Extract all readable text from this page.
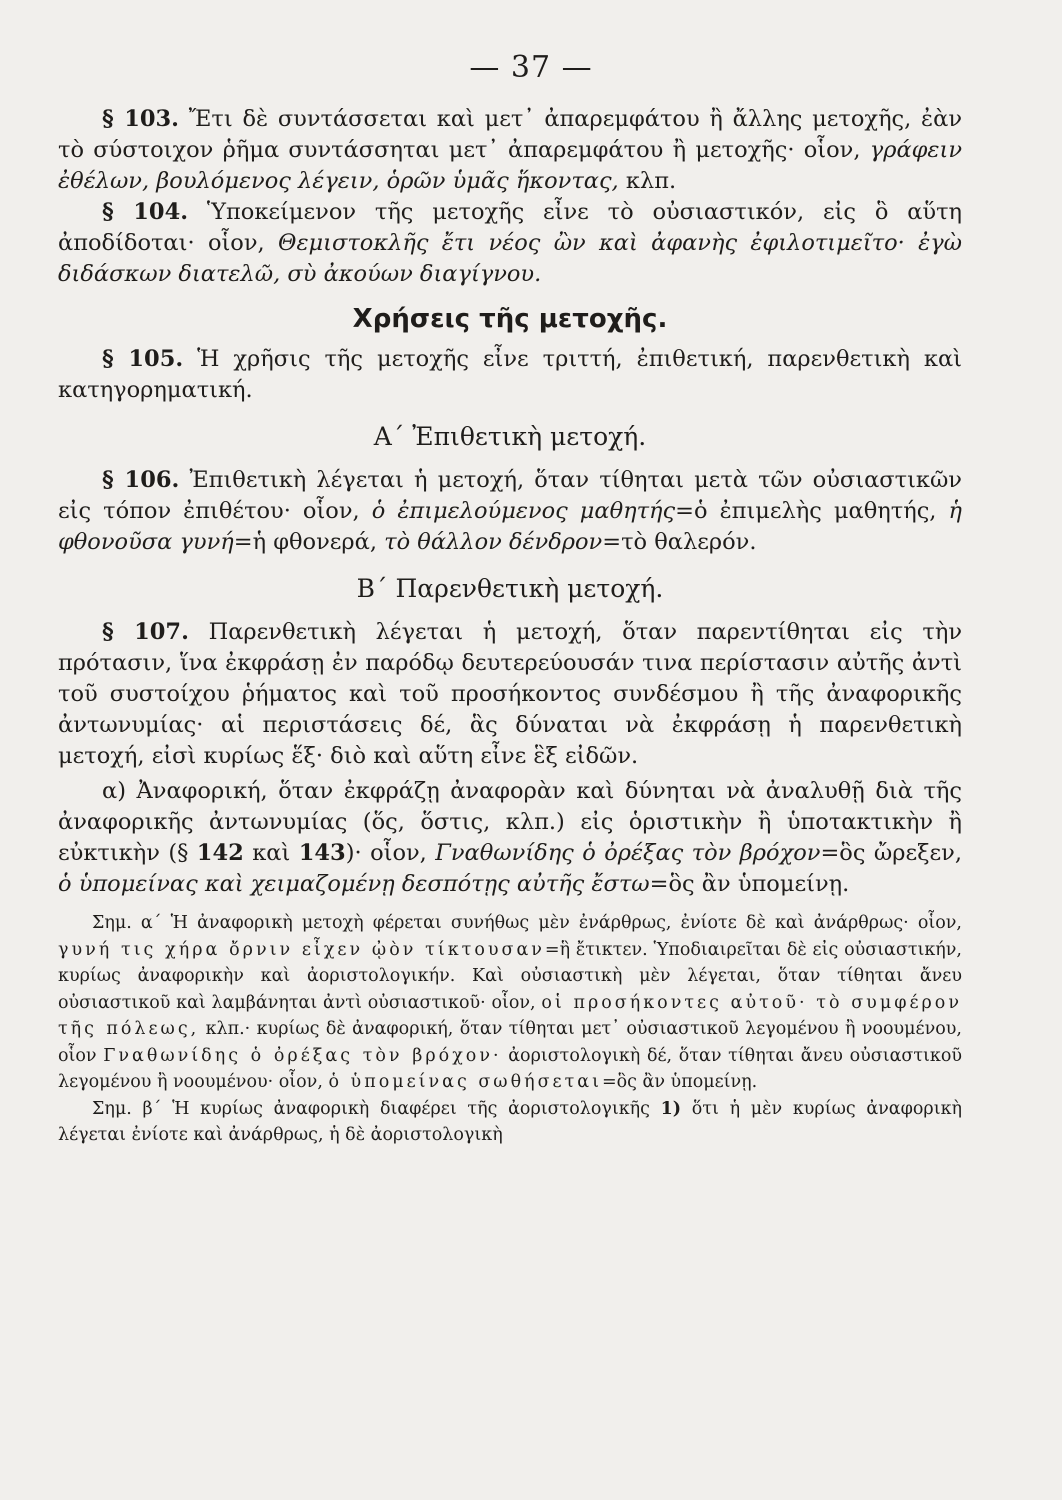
— 37 —

§ 103. Ἔτι δὲ συντάσσεται καὶ μετ᾽ ἀπαρεμφάτου ἢ ἄλλης μετοχῆς, ἐὰν τὸ σύστοιχον ῥῆμα συντάσσηται μετ᾽ ἀπαρεμφάτου ἢ μετοχῆς· οἷον, γράφειν ἐθέλων, βουλόμενος λέγειν, ὁρῶν ὑμᾶς ἥκοντας, κλπ.

§ 104. Ὑποκείμενον τῆς μετοχῆς εἶνε τὸ οὐσιαστικόν, εἰς ὃ αὕτη ἀποδίδοται· οἷον, Θεμιστοκλῆς ἔτι νέος ὢν καὶ ἀφανὴς ἐφιλοτιμεῖτο· ἐγὼ διδάσκων διατελῶ, σὺ ἀκούων διαγίγνου.

Χρήσεις τῆς μετοχῆς.

§ 105. Ἡ χρῆσις τῆς μετοχῆς εἶνε τριττή, ἐπιθετική, παρενθετικὴ καὶ κατηγορηματική.

Α΄ Ἐπιθετικὴ μετοχή.

§ 106. Ἐπιθετικὴ λέγεται ἡ μετοχή, ὅταν τίθηται μετὰ τῶν οὐσιαστικῶν εἰς τόπον ἐπιθέτου· οἷον, ὁ ἐπιμελούμενος μαθητής=ὁ ἐπιμελὴς μαθητής, ἡ φθονοῦσα γυνή=ἡ φθονερά, τὸ θάλλον δένδρον=τὸ θαλερόν.

Β΄ Παρενθετικὴ μετοχή.

§ 107. Παρενθετικὴ λέγεται ἡ μετοχή, ὅταν παρεντίθηται εἰς τὴν πρότασιν, ἵνα ἐκφράσῃ ἐν παρόδῳ δευτερεύουσάν τινα περίστασιν αὐτῆς ἀντὶ τοῦ συστοίχου ῥήματος καὶ τοῦ προσήκοντος συνδέσμου ἢ τῆς ἀναφορικῆς ἀντωνυμίας· αἱ περιστάσεις δέ, ἃς δύναται νὰ ἐκφράσῃ ἡ παρενθετικὴ μετοχή, εἰσὶ κυρίως ἕξ· διὸ καὶ αὕτη εἶνε ἓξ εἰδῶν.

α) Ἀναφορική, ὅταν ἐκφράζῃ ἀναφορὰν καὶ δύνηται νὰ ἀναλυθῇ διὰ τῆς ἀναφορικῆς ἀντωνυμίας (ὅς, ὅστις, κλπ.) εἰς ὁριστικὴν ἢ ὑποτακτικὴν ἢ εὐκτικὴν (§ 142 καὶ 143)· οἷον, Γναθωνίδης ὁ ὀρέξας τὸν βρόχον=ὃς ὤρεξεν, ὁ ὑπομείνας καὶ χειμαζομένῃ δεσπότῃς αὐτῆς ἔστω=ὃς ἂν ὑπομείνῃ.

Σημ. α΄ Ἡ ἀναφορικὴ μετοχὴ φέρεται συνήθως μὲν ἐνάρθρως, ἐνίοτε δὲ καὶ ἀνάρθρως· οἷον, γυνή τις χήρα ὄρνιν εἶχεν ᾠὸν τίκτουσαν=ἣ ἔτικτεν. Ὑποδιαιρεῖται δὲ εἰς οὐσιαστικήν, κυρίως ἀναφορικὴν καὶ ἀοριστολογικήν. Καὶ οὐσιαστικὴ μὲν λέγεται, ὅταν τίθηται ἄνευ οὐσιαστικοῦ καὶ λαμβάνηται ἀντὶ οὐσιαστικοῦ· οἷον, οἱ προσήκοντες αὐτοῦ· τὸ συμφέρον τῆς πόλεως, κλπ.· κυρίως δὲ ἀναφορική, ὅταν τίθηται μετ᾽ οὐσιαστικοῦ λεγομένου ἢ νοουμένου, οἷον Γναθωνίδης ὁ ὀρέξας τὸν βρόχον· ἀοριστολογικὴ δέ, ὅταν τίθηται ἄνευ οὐσιαστικοῦ λεγομένου ἢ νοουμένου· οἷον, ὁ ὑπομείνας σωθήσεται=ὃς ἂν ὑπομείνῃ.

Σημ. β΄ Ἡ κυρίως ἀναφορικὴ διαφέρει τῆς ἀοριστολογικῆς 1) ὅτι ἡ μὲν κυρίως ἀναφορικὴ λέγεται ἐνίοτε καὶ ἀνάρθρως, ἡ δὲ ἀοριστολογικὴ
